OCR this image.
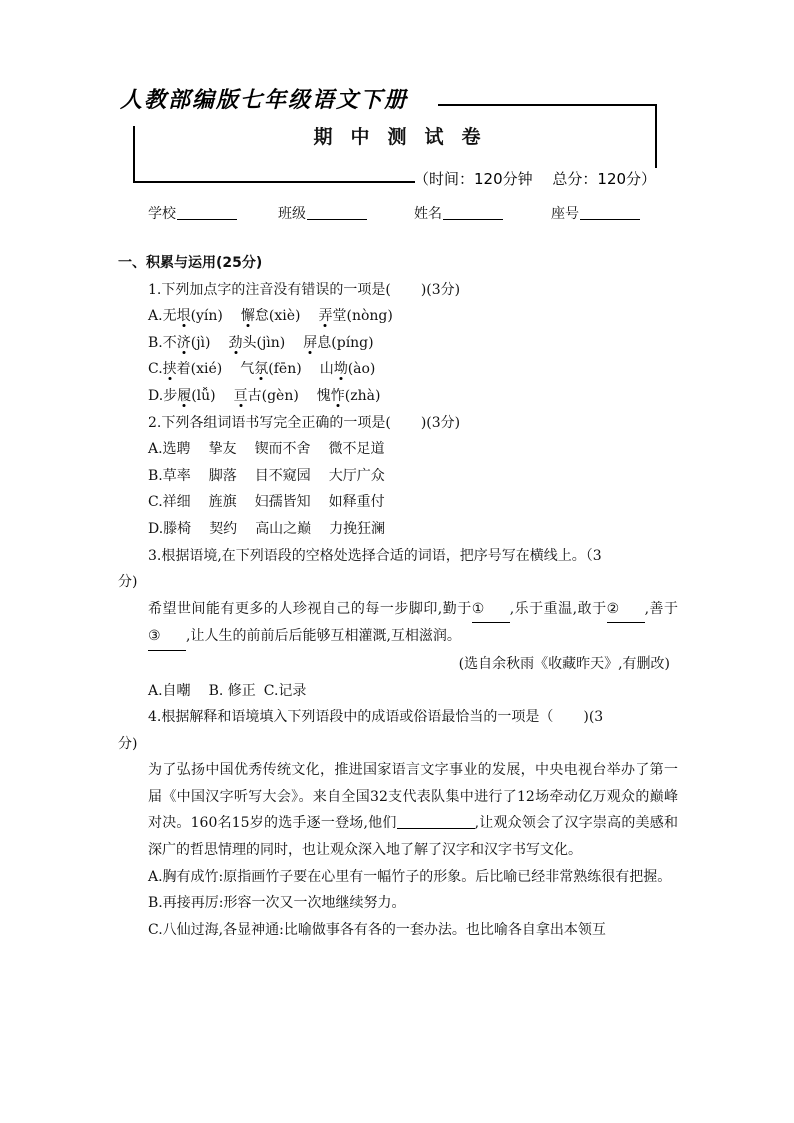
人教部编版七年级语文下册
期中测试卷
（时间：120分钟　 总分：120分）
学校	班级	姓名	座号

一、积累与运用(25分)

1.下列加点字的注音没有错误的一项是( )(3分)

A.无垠(yín) 懈怠(xiè) 弄堂(nòng)

B.不济(jì) 劲头(jìn) 屏息(píng)

C.挟着(xié) 气氛(fēn) 山坳(ào)

D.步履(lǚ) 亘古(gèn) 愧怍(zhà)

2.下列各组词语书写完全正确的一项是( )(3分)

A.选聘 挚友 锲而不舍 微不足道

B.草率 脚落 目不窥园 大厅广众

C.祥细 旌旗 妇孺皆知 如释重付

D.滕椅 契约 高山之巅 力挽狂澜

3.根据语境,在下列语段的空格处选择合适的词语，把序号写在横线上。（3

分)

希望世间能有更多的人珍视自己的每一步脚印,勤于① ,乐于重温,敢于② ,善于③ ,让人生的前前后后能够互相灌溉,互相滋润。

(选自余秋雨《收藏昨天》,有删改)

A.自嘲 B. 修正 C.记录

4.根据解释和语境填入下列语段中的成语或俗语最恰当的一项是（ )(3

分)

为了弘扬中国优秀传统文化，推进国家语言文字事业的发展，中央电视台举办了第一届《中国汉字听写大会》。来自全国32支代表队集中进行了12场牵动亿万观众的巅峰对决。160名15岁的选手逐一登场,他们	,让观众领会了汉字崇高的美感和深广的哲思情理的同时，也让观众深入地了解了汉字和汉字书写文化。

A.胸有成竹:原指画竹子要在心里有一幅竹子的形象。后比喻已经非常熟练很有把握。

B.再接再厉:形容一次又一次地继续努力。

C.八仙过海,各显神通:比喻做事各有各的一套办法。也比喻各自拿出本领互
